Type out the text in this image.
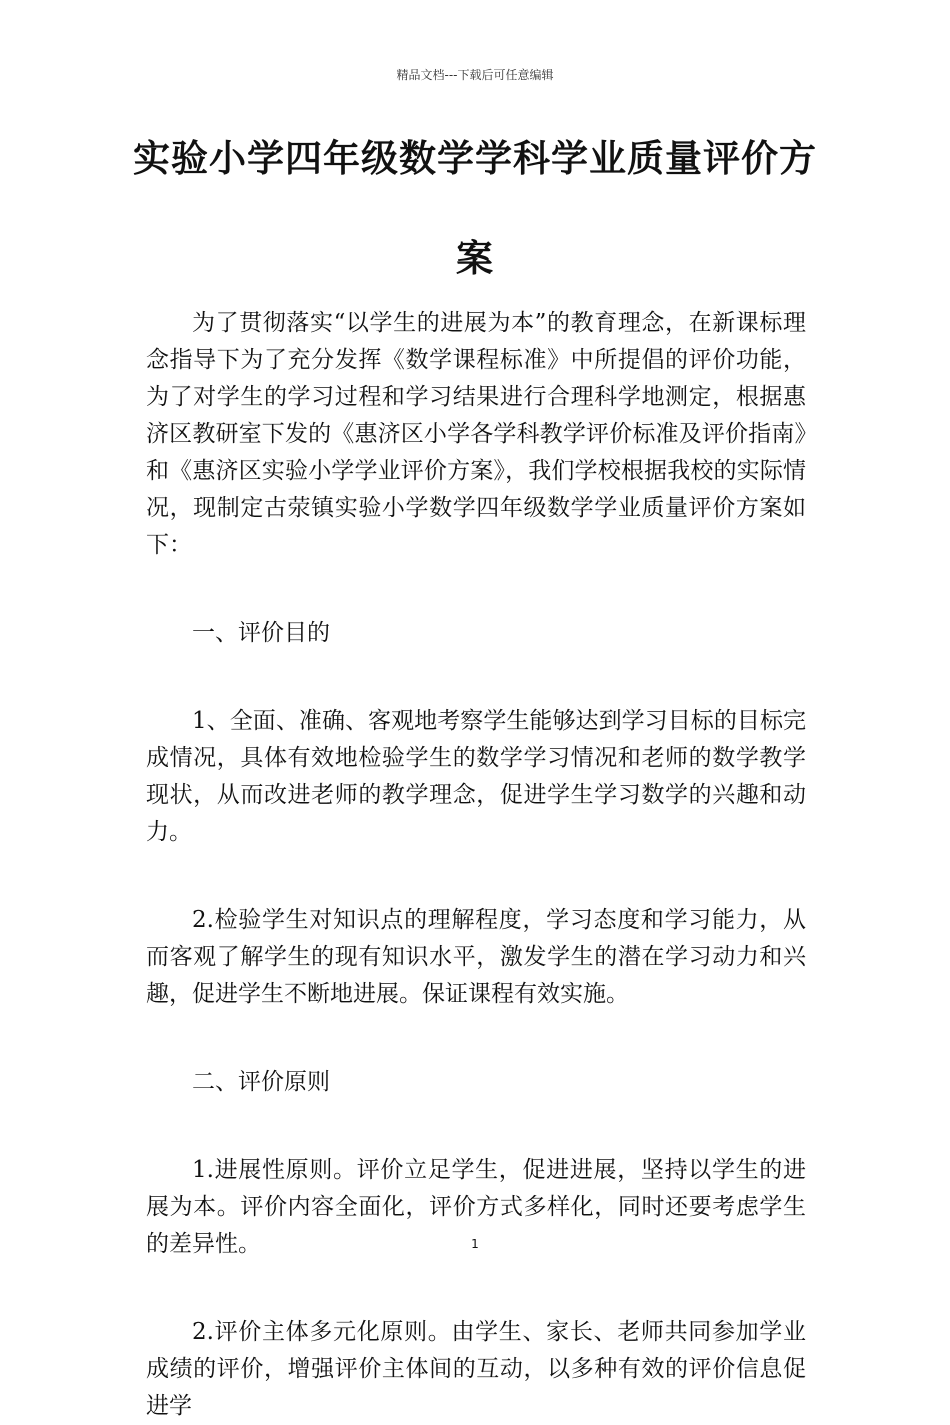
精品文档---下载后可任意编辑
实验小学四年级数学学科学业质量评价方
案

为了贯彻落实“以学生的进展为本”的教育理念，在新课标理念指导下为了充分发挥《数学课程标准》中所提倡的评价功能，为了对学生的学习过程和学习结果进行合理科学地测定，根据惠济区教研室下发的《惠济区小学各学科教学评价标准及评价指南》和《惠济区实验小学学业评价方案》，我们学校根据我校的实际情况，现制定古荥镇实验小学数学四年级数学学业质量评价方案如下：

一、评价目的

1、全面、准确、客观地考察学生能够达到学习目标的目标完成情况，具体有效地检验学生的数学学习情况和老师的数学教学现状，从而改进老师的教学理念，促进学生学习数学的兴趣和动力。

2.检验学生对知识点的理解程度，学习态度和学习能力，从而客观了解学生的现有知识水平，激发学生的潜在学习动力和兴趣，促进学生不断地进展。保证课程有效实施。

二、评价原则

1.进展性原则。评价立足学生，促进进展，坚持以学生的进展为本。评价内容全面化，评价方式多样化，同时还要考虑学生的差异性。

2.评价主体多元化原则。由学生、家长、老师共同参加学业成绩的评价，增强评价主体间的互动，以多种有效的评价信息促进学

1
